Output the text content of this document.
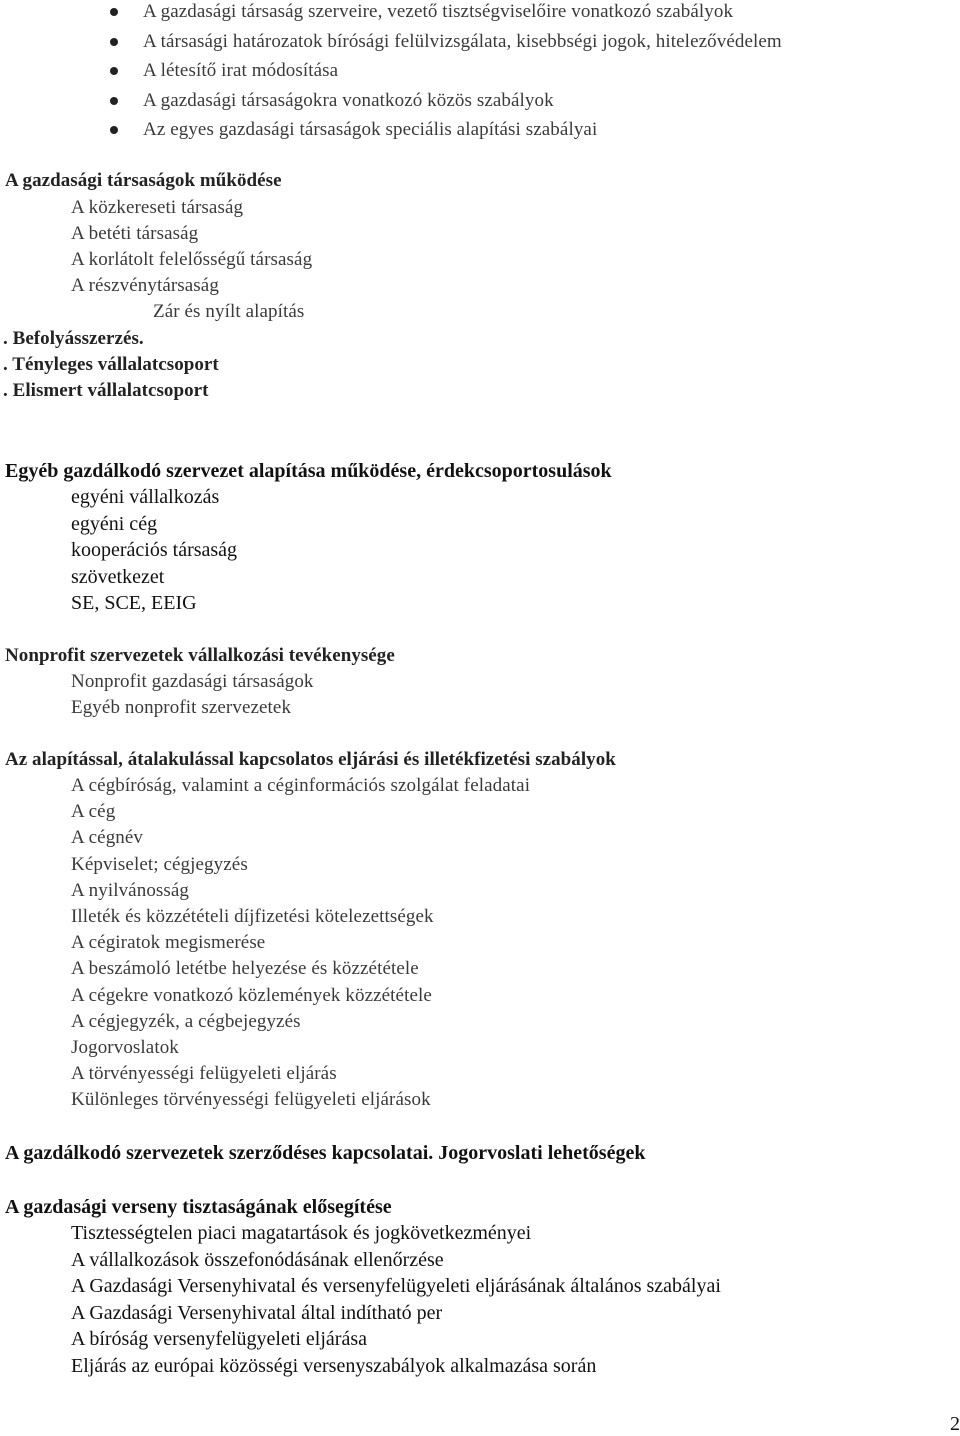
A gazdasági társaság szerveire, vezető tisztségviselőire vonatkozó szabályok
A társasági határozatok bírósági felülvizsgálata, kisebbségi jogok, hitelezővédelem
A létesítő irat módosítása
A gazdasági társaságokra vonatkozó közös szabályok
Az egyes gazdasági társaságok speciális alapítási szabályai

A gazdasági társaságok működése

A közkereseti társaság

A betéti társaság

A korlátolt felelősségű társaság

A részvénytársaság

Zár és nyílt alapítás

. Befolyásszerzés.

. Tényleges vállalatcsoport

. Elismert vállalatcsoport

Egyéb gazdálkodó szervezet alapítása működése, érdekcsoportosulások

egyéni vállalkozás

egyéni cég

kooperációs társaság

szövetkezet

SE, SCE, EEIG

Nonprofit szervezetek vállalkozási tevékenysége

Nonprofit gazdasági társaságok

Egyéb nonprofit szervezetek

Az alapítással, átalakulással kapcsolatos eljárási és illetékfizetési szabályok

A cégbíróság, valamint a céginformációs szolgálat feladatai

A cég

A cégnév

Képviselet; cégjegyzés

A nyilvánosság

Illeték és közzétételi díjfizetési kötelezettségek

A cégiratok megismerése

A beszámoló letétbe helyezése és közzététele

A cégekre vonatkozó közlemények közzététele

A cégjegyzék, a cégbejegyzés

Jogorvoslatok

A törvényességi felügyeleti eljárás

Különleges törvényességi felügyeleti eljárások

A gazdálkodó szervezetek szerződéses kapcsolatai. Jogorvoslati lehetőségek

A gazdasági verseny tisztaságának elősegítése

Tisztességtelen piaci magatartások és jogkövetkezményei

A vállalkozások összefonódásának ellenőrzése

A Gazdasági Versenyhivatal és versenyfelügyeleti eljárásának általános szabályai

A Gazdasági Versenyhivatal által indítható per

A bíróság versenyfelügyeleti eljárása

Eljárás az európai közösségi versenyszabályok alkalmazása során

2
